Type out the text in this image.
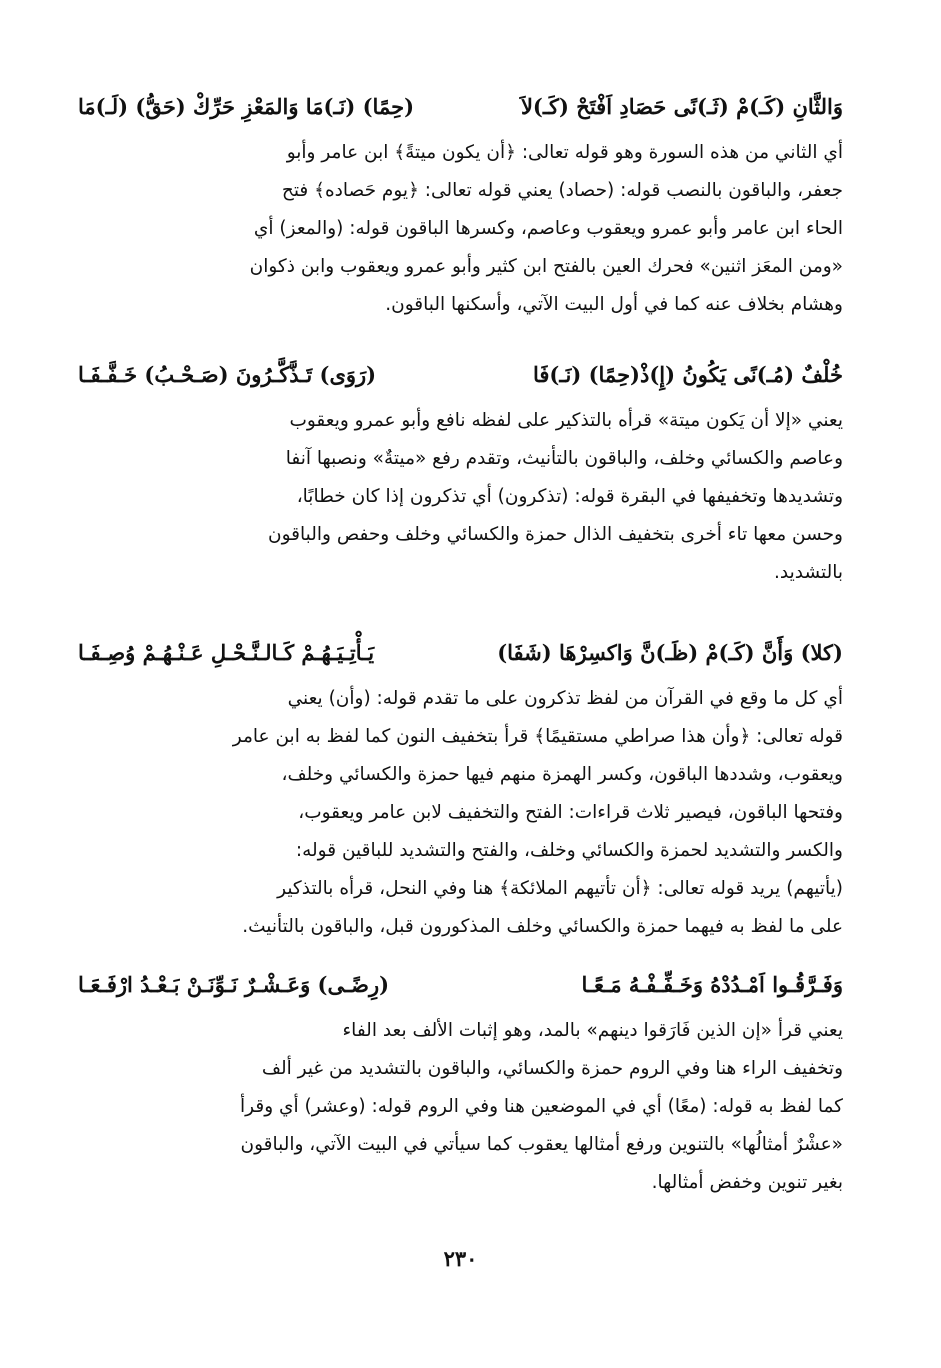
وَالثَّانِ (كَـ)مْ (ثَـ)نًى حَصَادِ اَفْتَحْ (كَـ)لاَ
(حِمًا) (نَـ)مَا وَالمَعْزِ حَرِّكْ (حَقُّ) (لَـ)مَا
أي الثاني من هذه السورة وهو قوله تعالى: ﴿أن يكون ميتةً﴾ ابن عامر وأبو
جعفر، والباقون بالنصب قوله: (حصاد) يعني قوله تعالى: ﴿يوم حَصاده﴾ فتح
الحاء ابن عامر وأبو عمرو ويعقوب وعاصم، وكسرها الباقون قوله: (والمعز) أي
«ومن المعَز اثنين» فحرك العين بالفتح ابن كثير وأبو عمرو ويعقوب وابن ذكوان
وهشام بخلاف عنه كما في أول البيت الآتي، وأسكنها الباقون.
خُلْفٌ (مُـ)نًى يَكُونُ (إِ)ذْ(حِمًا) (نَـ)فَا
(رَوَى) تَـذَّكَّـرُونَ (صَـحْـبُ) خَـفَّـفَـا
يعني «إلا أن يَكون ميتة» قرأه بالتذكير على لفظه نافع وأبو عمرو ويعقوب
وعاصم والكسائي وخلف، والباقون بالتأنيث، وتقدم رفع «ميتةٌ» ونصبها آنفا
وتشديدها وتخفيفها في البقرة قوله: (تذكرون) أي تذكرون إذا كان خطابًا،
وحسن معها تاء أخرى بتخفيف الذال حمزة والكسائي وخلف وحفص والباقون
بالتشديد.
(كلا) وَأَنَّ (كَـ)مْ (ظَـ)نَّ وَاكسِرْهَا (شَفَا)
يَـأْتِـيَـهُـمْ كَـالـنَّـحْـلِ عَـنْـهُـمْ وُصِـفَـا
أي كل ما وقع في القرآن من لفظ تذكرون على ما تقدم قوله: (وأن) يعني
قوله تعالى: ﴿وأن هذا صراطي مستقيمًا﴾ قرأ بتخفيف النون كما لفظ به ابن عامر
ويعقوب، وشددها الباقون، وكسر الهمزة منهم فيها حمزة والكسائي وخلف،
وفتحها الباقون، فيصير ثلاث قراءات: الفتح والتخفيف لابن عامر ويعقوب،
والكسر والتشديد لحمزة والكسائي وخلف، والفتح والتشديد للباقين قوله:
(يأتيهم) يريد قوله تعالى: ﴿أن تأتيهم الملائكة﴾ هنا وفي النحل، قرأه بالتذكير
على ما لفظ به فيهما حمزة والكسائي وخلف المذكورون قبل، والباقون بالتأنيث.
وَفَـرَّقُـوا اَمْـدُدْهُ وَخَـفِّـفْـهُ مَـعًـا
(رِضًـى) وَعَـشْـرٌ نَـوِّنَـنْ بَـعْـدُ ارْفَـعَـا
يعني قرأ «إن الذين فَارَقوا دينهم» بالمد، وهو إثبات الألف بعد الفاء
وتخفيف الراء هنا وفي الروم حمزة والكسائي، والباقون بالتشديد من غير ألف
كما لفظ به قوله: (معًا) أي في الموضعين هنا وفي الروم قوله: (وعشر) أي وقرأ
«عشْرٌ أمثالُها» بالتنوين ورفع أمثالها يعقوب كما سيأتي في البيت الآتي، والباقون
بغير تنوين وخفض أمثالها.
٢٣٠
